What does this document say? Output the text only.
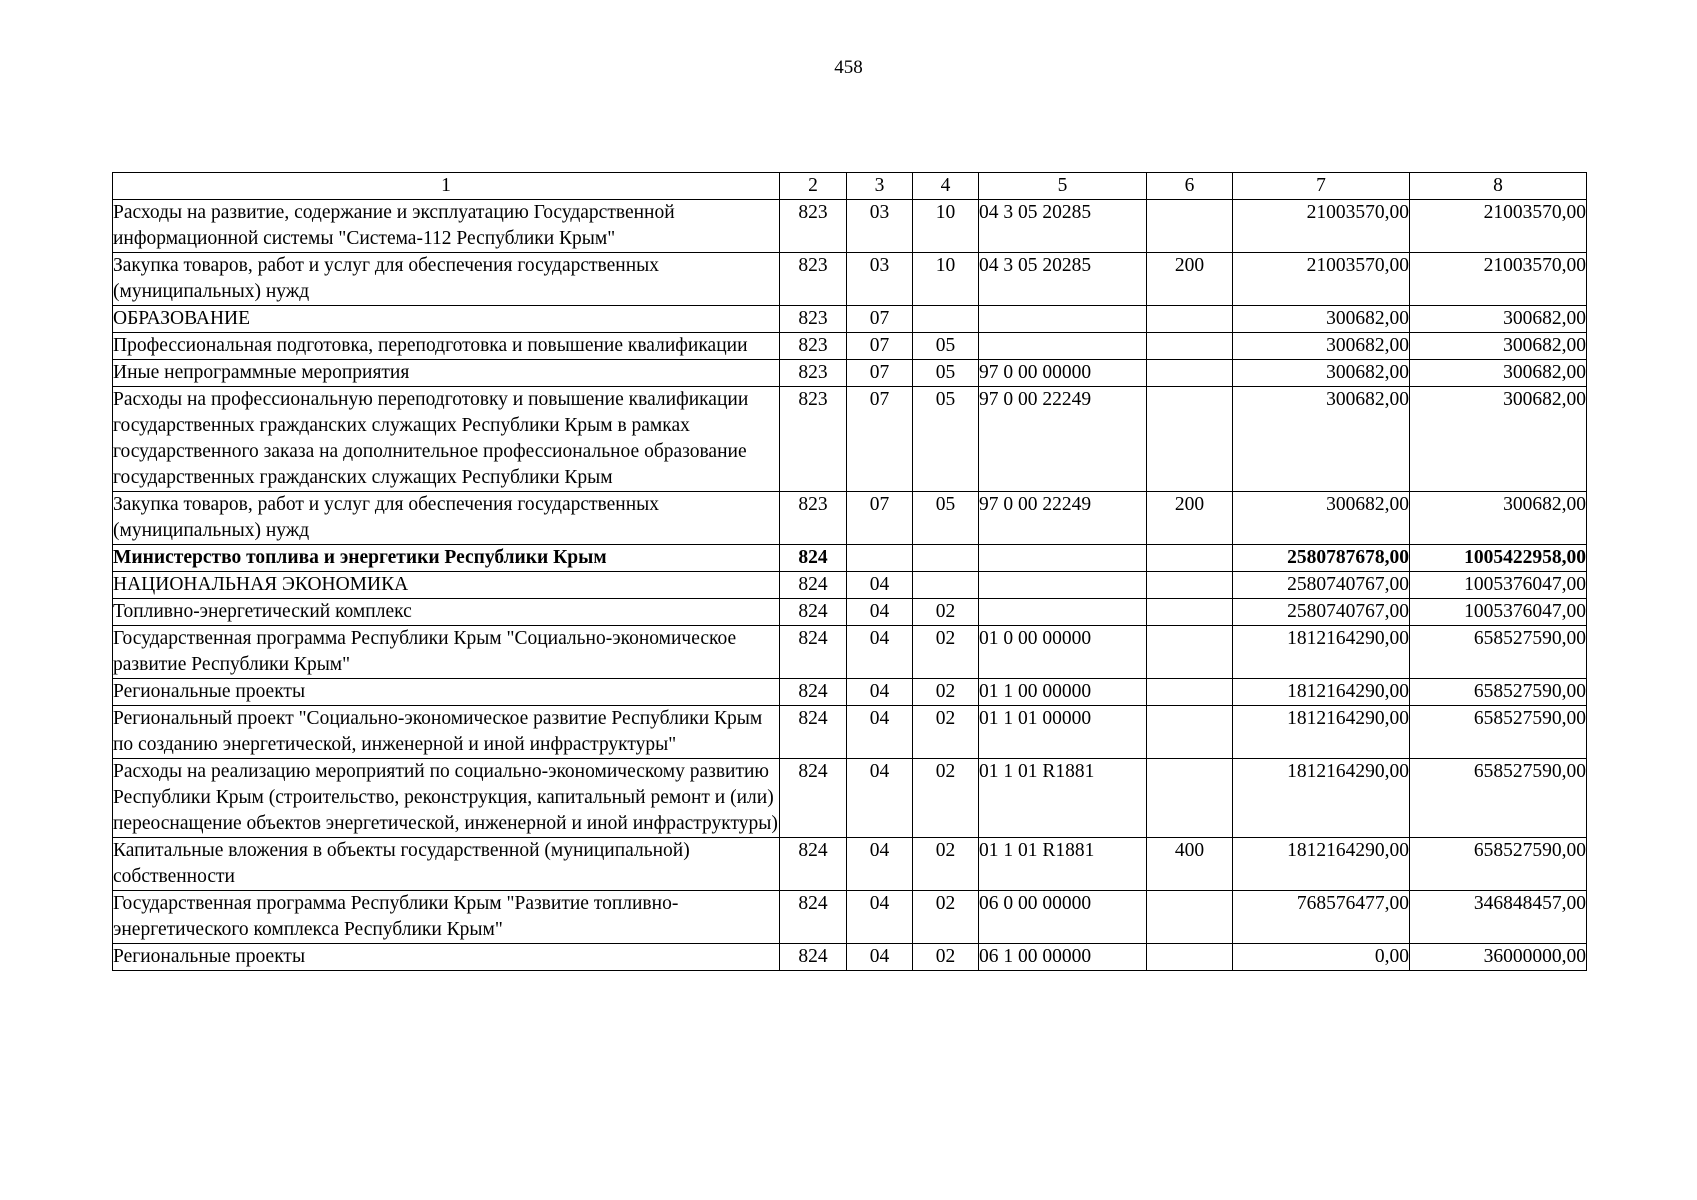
458
1	2	3	4	5	6	7	8
Расходы на развитие, содержание и эксплуатацию Государственной информационной системы "Система-112 Республики Крым"	823	03	10	04 3 05 20285		21003570,00	21003570,00
Закупка товаров, работ и услуг для обеспечения государственных (муниципальных) нужд	823	03	10	04 3 05 20285	200	21003570,00	21003570,00
ОБРАЗОВАНИЕ	823	07				300682,00	300682,00
Профессиональная подготовка, переподготовка и повышение квалификации	823	07	05			300682,00	300682,00
Иные непрограммные мероприятия	823	07	05	97 0 00 00000		300682,00	300682,00
Расходы на профессиональную переподготовку и повышение квалификации государственных гражданских служащих Республики Крым в рамках государственного заказа на дополнительное профессиональное образование государственных гражданских служащих Республики Крым	823	07	05	97 0 00 22249		300682,00	300682,00
Закупка товаров, работ и услуг для обеспечения государственных (муниципальных) нужд	823	07	05	97 0 00 22249	200	300682,00	300682,00
Министерство топлива и энергетики Республики Крым	824					2580787678,00	1005422958,00
НАЦИОНАЛЬНАЯ ЭКОНОМИКА	824	04				2580740767,00	1005376047,00
Топливно-энергетический комплекс	824	04	02			2580740767,00	1005376047,00
Государственная программа Республики Крым "Социально-экономическое развитие Республики Крым"	824	04	02	01 0 00 00000		1812164290,00	658527590,00
Региональные проекты	824	04	02	01 1 00 00000		1812164290,00	658527590,00
Региональный проект "Социально-экономическое развитие Республики Крым по созданию энергетической, инженерной и иной инфраструктуры"	824	04	02	01 1 01 00000		1812164290,00	658527590,00
Расходы на реализацию мероприятий по социально-экономическому развитию Республики Крым (строительство, реконструкция, капитальный ремонт и (или) переоснащение объектов энергетической, инженерной и иной инфраструктуры)	824	04	02	01 1 01 R1881		1812164290,00	658527590,00
Капитальные вложения в объекты государственной (муниципальной) собственности	824	04	02	01 1 01 R1881	400	1812164290,00	658527590,00
Государственная программа Республики Крым "Развитие топливно-энергетического комплекса Республики Крым"	824	04	02	06 0 00 00000		768576477,00	346848457,00
Региональные проекты	824	04	02	06 1 00 00000		0,00	36000000,00
